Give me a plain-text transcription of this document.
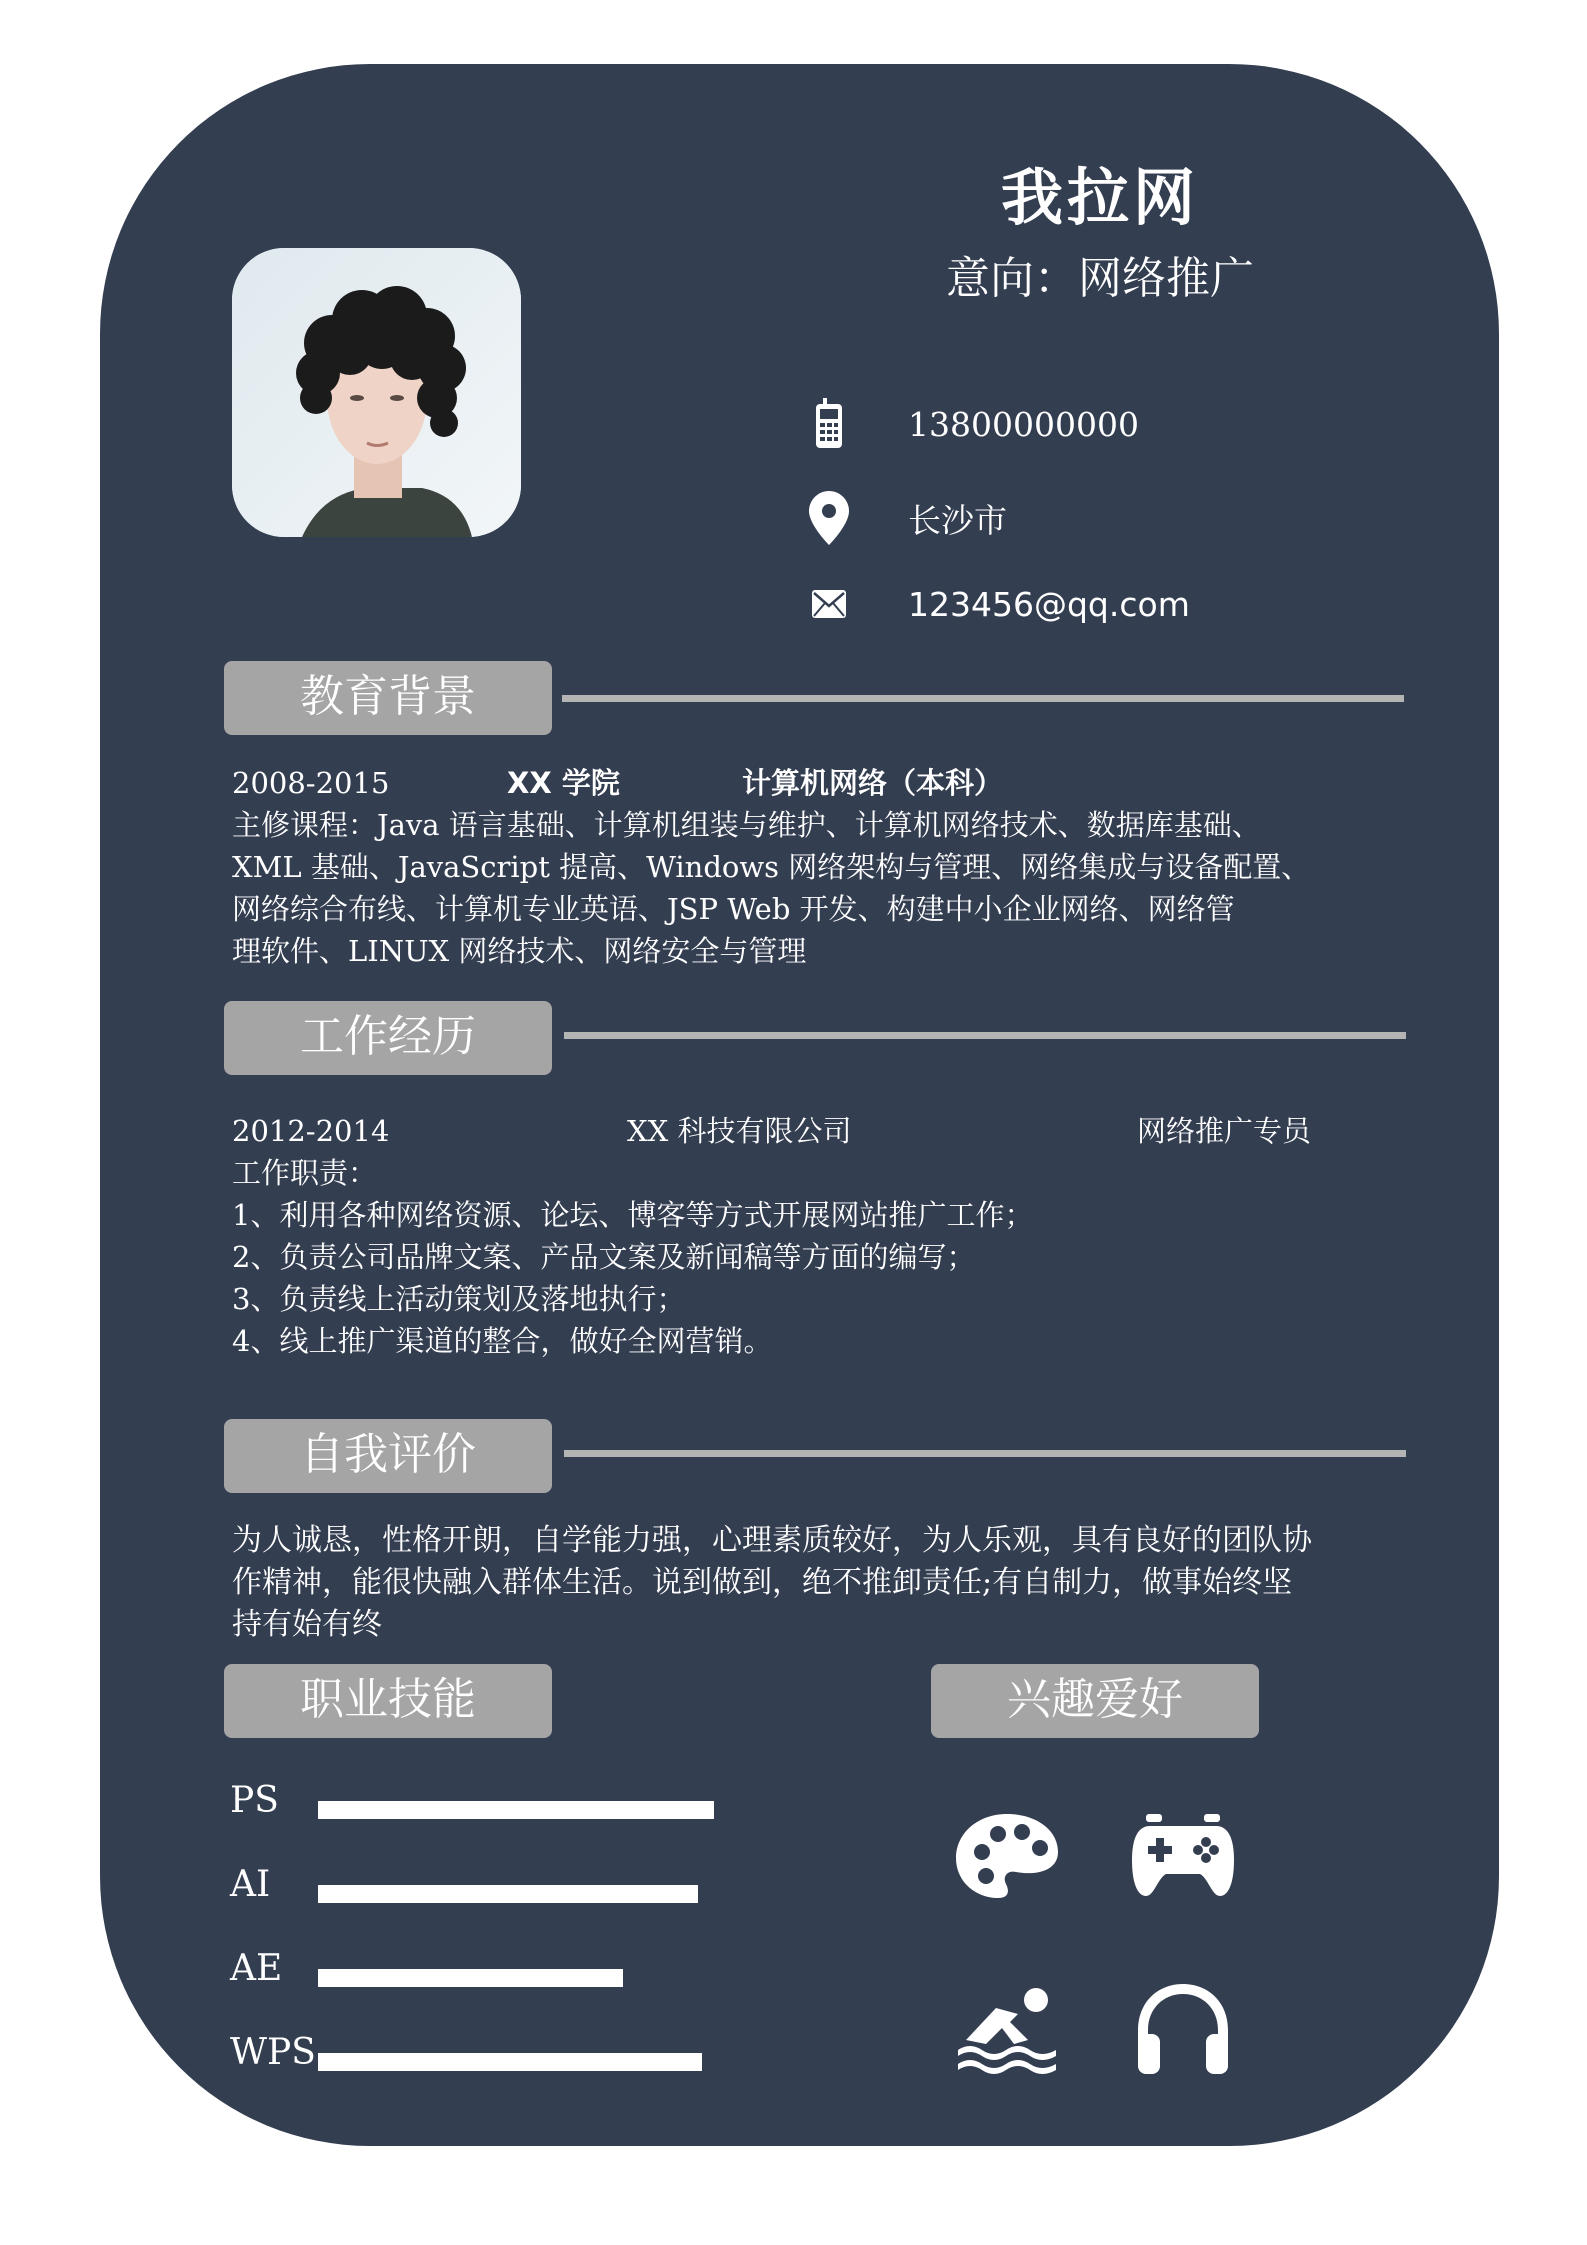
我拉网
意向：网络推广
13800000000
长沙市
123456@qq.com
教育背景
2008-2015	XX 学院	计算机网络（本科）
主修课程：Java 语言基础、计算机组装与维护、计算机网络技术、数据库基础、
XML 基础、JavaScript 提高、Windows 网络架构与管理、网络集成与设备配置、
网络综合布线、计算机专业英语、JSP Web 开发、构建中小企业网络、网络管
理软件、LINUX 网络技术、网络安全与管理
工作经历
2012-2014	XX 科技有限公司	网络推广专员
工作职责：
1、利用各种网络资源、论坛、博客等方式开展网站推广工作；
2、负责公司品牌文案、产品文案及新闻稿等方面的编写；
3、负责线上活动策划及落地执行；
4、线上推广渠道的整合，做好全网营销。
自我评价
为人诚恳，性格开朗，自学能力强，心理素质较好，为人乐观，具有良好的团队协
作精神，能很快融入群体生活。说到做到，绝不推卸责任;有自制力，做事始终坚
持有始有终
职业技能
PS
AI
AE
WPS
兴趣爱好
